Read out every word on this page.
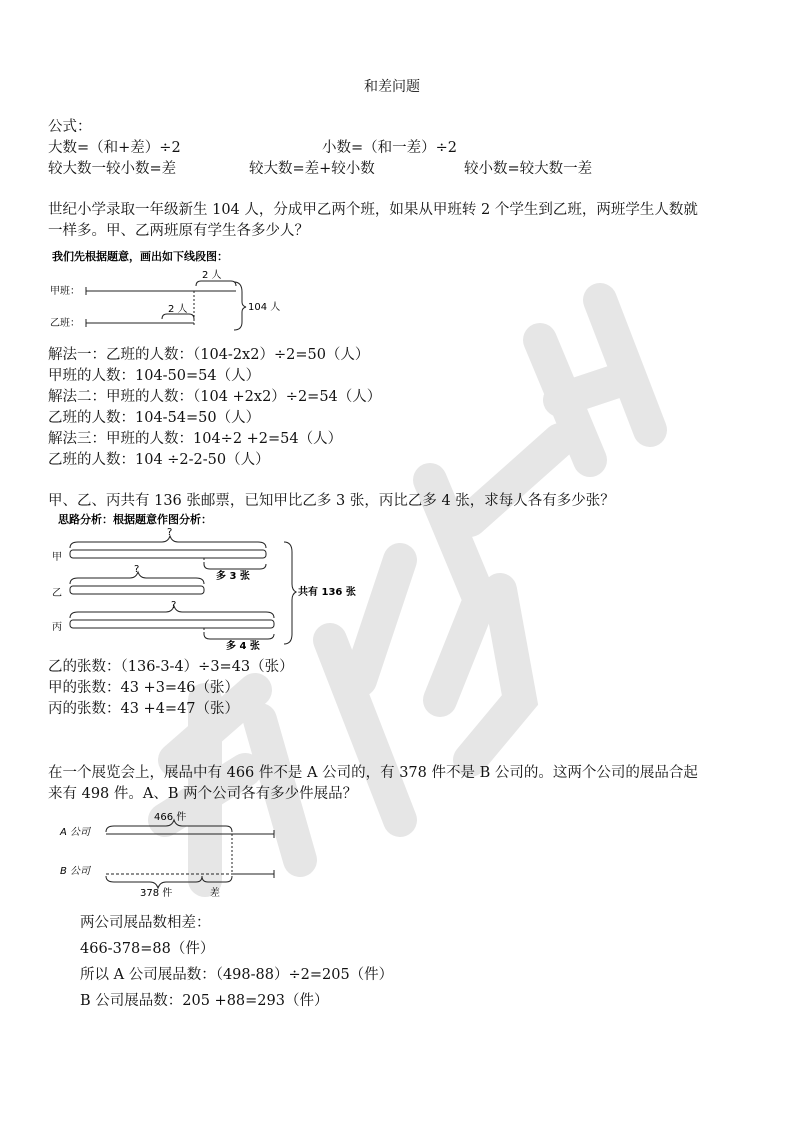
和差问题
公式：
大数=（和+差）÷2	小数=（和一差）÷2
较大数一较小数=差	较大数=差+较小数	较小数=较大数一差
世纪小学录取一年级新生 104 人，分成甲乙两个班，如果从甲班转 2 个学生到乙班，两班学生人数就
一样多。甲、乙两班原有学生各多少人？
我们先根据题意，画出如下线段图：
甲班：
乙班：
2 人
2 人	104 人
解法一：乙班的人数：（104-2x2）÷2=50（人）
甲班的人数：104-50=54（人）
解法二：甲班的人数：（104 +2x2）÷2=54（人）
乙班的人数：104-54=50（人）
解法三：甲班的人数：104÷2 +2=54（人）
乙班的人数：104 ÷2-2-50（人）
甲、乙、丙共有 136 张邮票，已知甲比乙多 3 张，丙比乙多 4 张，求每人各有多少张？
思路分析：根据题意作图分析：
甲
乙
丙
?
多 3 张
?
?
多 4 张
共有 136 张
乙的张数：（136-3-4）÷3=43（张）
甲的张数：43 +3=46（张）
丙的张数：43 +4=47（张）
在一个展览会上，展品中有 466 件不是 A 公司的，有 378 件不是 B 公司的。这两个公司的展品合起
来有 498 件。A、B 两个公司各有多少件展品？
A 公司
B 公司
466 件
378 件	差
两公司展品数相差：
466-378=88（件）
所以 A 公司展品数：（498-88）÷2=205（件）
B 公司展品数：205 +88=293（件）
